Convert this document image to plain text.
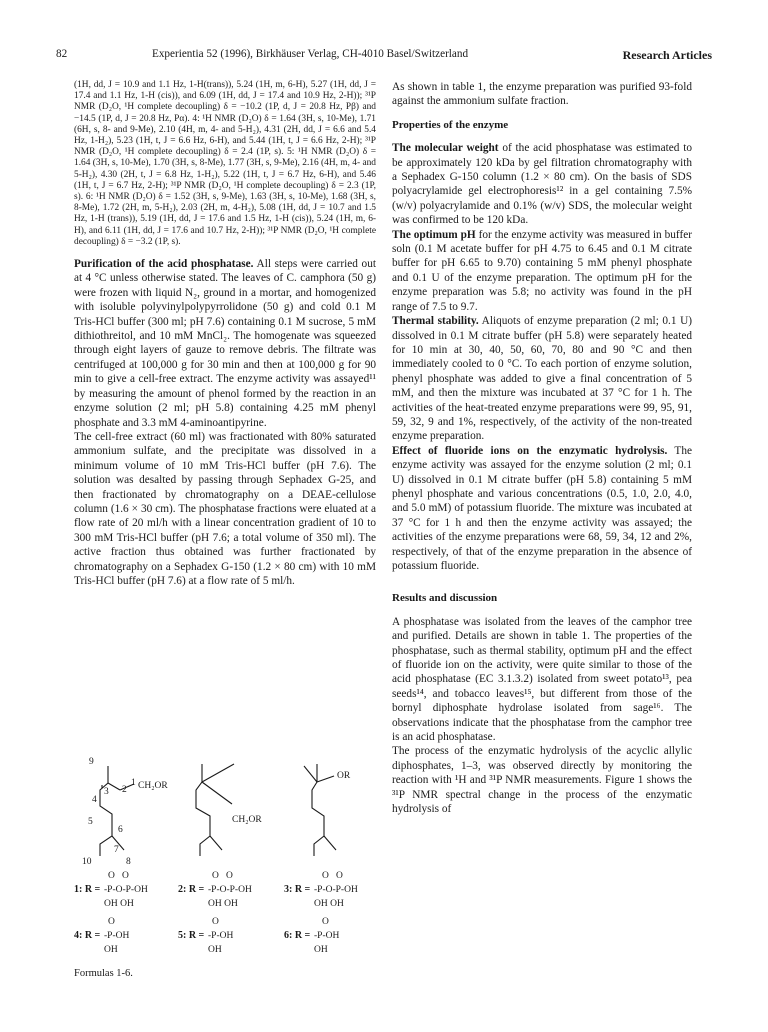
82	Experientia 52 (1996), Birkhäuser Verlag, CH-4010 Basel/Switzerland	Research Articles

(1H, dd, J = 10.9 and 1.1 Hz, 1-H(trans)), 5.24 (1H, m, 6-H), 5.27 (1H, dd, J = 17.4 and 1.1 Hz, 1-H (cis)), and 6.09 (1H, dd, J = 17.4 and 10.9 Hz, 2-H)); ³¹P NMR (D₂O, ¹H complete decoupling) δ = −10.2 (1P, d, J = 20.8 Hz, Pβ) and −14.5 (1P, d, J = 20.8 Hz, Pα). 4: ¹H NMR (D₂O) δ = 1.64 (3H, s, 10-Me), 1.71 (6H, s, 8- and 9-Me), 2.10 (4H, m, 4- and 5-H₂), 4.31 (2H, dd, J = 6.6 and 5.4 Hz, 1-H₂), 5.23 (1H, t, J = 6.6 Hz, 6-H), and 5.44 (1H, t, J = 6.6 Hz, 2-H); ³¹P NMR (D₂O, ¹H complete decoupling) δ = 2.4 (1P, s). 5: ¹H NMR (D₂O) δ = 1.64 (3H, s, 10-Me), 1.70 (3H, s, 8-Me), 1.77 (3H, s, 9-Me), 2.16 (4H, m, 4- and 5-H₂), 4.30 (2H, t, J = 6.8 Hz, 1-H₂), 5.22 (1H, t, J = 6.7 Hz, 6-H), and 5.46 (1H, t, J = 6.7 Hz, 2-H); ³¹P NMR (D₂O, ¹H complete decoupling) δ = 2.3 (1P, s). 6: ¹H NMR (D₂O) δ = 1.52 (3H, s, 9-Me), 1.63 (3H, s, 10-Me), 1.68 (3H, s, 8-Me), 1.72 (2H, m, 5-H₂), 2.03 (2H, m, 4-H₂), 5.08 (1H, dd, J = 10.7 and 1.5 Hz, 1-H (trans)), 5.19 (1H, dd, J = 17.6 and 1.5 Hz, 1-H (cis)), 5.24 (1H, m, 6-H), and 6.11 (1H, dd, J = 17.6 and 10.7 Hz, 2-H)); ³¹P NMR (D₂O, ¹H complete decoupling) δ = −3.2 (1P, s).

Purification of the acid phosphatase. All steps were carried out at 4 °C unless otherwise stated. The leaves of C. camphora (50 g) were frozen with liquid N₂, ground in a mortar, and homogenized with isoluble polyvinylpolypyrrolidone (50 g) and cold 0.1 M Tris-HCl buffer (300 ml; pH 7.6) containing 0.1 M sucrose, 5 mM dithiothreitol, and 10 mM MnCl₂. The homogenate was squeezed through eight layers of gauze to remove debris. The filtrate was centrifuged at 100,000 g for 30 min and then at 100,000 g for 90 min to give a cell-free extract. The enzyme activity was assayed¹¹ by measuring the amount of phenol formed by the reaction in an enzyme solution (2 ml; pH 5.8) containing 4.25 mM phenyl phosphate and 3.3 mM 4-aminoantipyrine.

The cell-free extract (60 ml) was fractionated with 80% saturated ammonium sulfate, and the precipitate was dissolved in a minimum volume of 10 mM Tris-HCl buffer (pH 7.6). The solution was desalted by passing through Sephadex G-25, and then fractionated by chromatography on a DEAE-cellulose column (1.6 × 30 cm). The phosphatase fractions were eluated at a flow rate of 20 ml/h with a linear concentration gradient of 10 to 300 mM Tris-HCl buffer (pH 7.6; a total volume of 350 ml). The active fraction thus obtained was further fractionated by chromatography on a Sephadex G-150 (1.2 × 80 cm) with 10 mM Tris-HCl buffer (pH 7.6) at a flow rate of 5 ml/h.

9
3 2
1
4
5
6
7
8
10
CH₂OR
CH₂OR
OR
O O
1: R = -P-O-P-OH
OH OH
O O
2: R = -P-O-P-OH
OH OH
O O
3: R = -P-O-P-OH
OH OH
O
4: R = -P-OH
OH
O
5: R = -P-OH
OH
O
6: R = -P-OH
OH
Formulas 1-6.

As shown in table 1, the enzyme preparation was purified 93-fold against the ammonium sulfate fraction.

Properties of the enzyme

The molecular weight of the acid phosphatase was estimated to be approximately 120 kDa by gel filtration chromatography with a Sephadex G-150 column (1.2 × 80 cm). On the basis of SDS polyacrylamide gel electrophoresis¹² in a gel containing 7.5% (w/v) polyacrylamide and 0.1% (w/v) SDS, the molecular weight was confirmed to be 120 kDa.

The optimum pH for the enzyme activity was measured in buffer soln (0.1 M acetate buffer for pH 4.75 to 6.45 and 0.1 M citrate buffer for pH 6.65 to 9.70) containing 5 mM phenyl phosphate and 0.1 U of the enzyme preparation. The optimum pH for the enzyme preparation was 5.8; no activity was found in the pH range of 7.5 to 9.7.

Thermal stability. Aliquots of enzyme preparation (2 ml; 0.1 U) dissolved in 0.1 M citrate buffer (pH 5.8) were separately heated for 10 min at 30, 40, 50, 60, 70, 80 and 90 °C and then immediately cooled to 0 °C. To each portion of enzyme solution, phenyl phosphate was added to give a final concentration of 5 mM, and then the mixture was incubated at 37 °C for 1 h. The activities of the heat-treated enzyme preparations were 99, 95, 91, 59, 32, 9 and 1%, respectively, of the activity of the non-treated enzyme preparation.

Effect of fluoride ions on the enzymatic hydrolysis. The enzyme activity was assayed for the enzyme solution (2 ml; 0.1 U) dissolved in 0.1 M citrate buffer (pH 5.8) containing 5 mM phenyl phosphate and various concentrations (0.5, 1.0, 2.0, 4.0, and 5.0 mM) of potassium fluoride. The mixture was incubated at 37 °C for 1 h and then the enzyme activity was assayed; the activities of the enzyme preparations were 68, 59, 34, 12 and 2%, respectively, of that of the enzyme preparation in the absence of potassium fluoride.

Results and discussion

A phosphatase was isolated from the leaves of the camphor tree and purified. Details are shown in table 1. The properties of the phosphatase, such as thermal stability, optimum pH and the effect of fluoride ion on the activity, were quite similar to those of the acid phosphatase (EC 3.1.3.2) isolated from sweet potato¹³, pea seeds¹⁴, and tobacco leaves¹⁵, but different from those of the bornyl diphosphate hydrolase isolated from sage¹⁶. The observations indicate that the phosphatase from the camphor tree is an acid phosphatase.

The process of the enzymatic hydrolysis of the acyclic allylic diphosphates, 1–3, was observed directly by monitoring the reaction with ¹H and ³¹P NMR measurements. Figure 1 shows the ³¹P NMR spectral change in the process of the enzymatic hydrolysis of
